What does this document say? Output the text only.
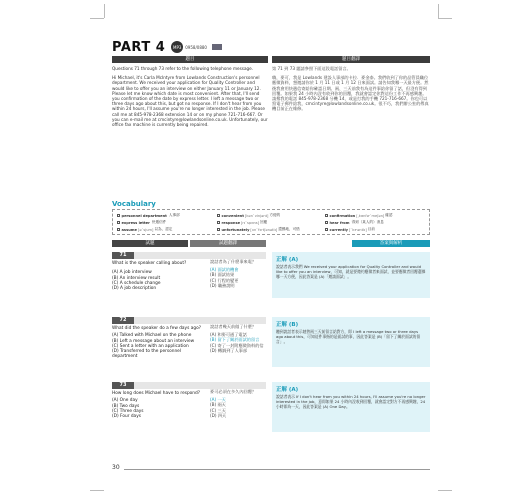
PART 4 MP3 0958/0880
題目	題目翻譯

Questions 71 through 73 refer to the following telephone message.

Hi Michael, it's Carla McIntyre from Lowlands Construction's personnel department. We received your application for Quality Controller and would like to offer you an interview on either January 11 or January 12. Please let me know which date is most convenient. After that, I'll send you confirmation of the date by express letter. I left a message two or three days ago about this, but got no response. If I don't hear from you within 24 hours, I'll assume you're no longer interested in the job. Please call me at 845-978-2368 extension 14 or on my phone 721-716-667. Or you can e-mail me at cmcintyre@lowlandsonline.co.uk. Unfortunately, our office fax machine is currently being repaired.

第 71 到 73 題請參照下面這段電話留言。

嗨，麥可，我是 Lowlands 建設人事部的卡拉．麥金泰。我們收到了你的品管員職位應徵資料，想邀請你於 1 月 11 日或 1 月 12 日來面試。請告知我哪一天最方便。然後我會用快遞信寄給你確認日期。兩、三天前我有為這件事給你留了話，但沒有得到回覆。如果我 24 小時內沒有收到你的回覆，我就會認定你對這份工作不再感興趣。請撥我的電話 845-978-2368 分機 14，或是打我的手機 721-716-667。你也可以寫電子郵件給我，cmcintyre@lowlandsonline.co.uk。很不巧，我們辦公室的傳真機目前正在維修。

Vocabulary
personnel department 人事部	convenient [kən`vinjənt] 方便的	confirmation [,kɑnfɚ`meʃən] 確認
express letter 快遞信件	response [rɪ`spɑns] 回應	hear from 得到（某人的）消息
assume [ə`sjum] 以為，認定	unfortunately [ʌn`fɔrtʃənətlɪ] 遺憾地，可惜	currently [`kɝəntlɪ] 目前
試題	試題翻譯	答案與解析
71
What is the speaker calling about?
(A) A job interview
(B) An interview result
(C) A schedule change
(D) A job description
說話者為了什麼事來電？
(A) 面試的機會
(B) 面試結果
(C) 行程的變更
(D) 職務說明
正解 (A)
說話者表示我們 We received your application for Quality Controller and would like to offer you an interview，可知，就是要邀約應徵者來面試，並要應徵者回覆選擇哪一天方便，因此答案是 (A)「邀請面試」。
72
What did the speaker do a few days ago?
(A) Talked with Michael on the phone
(B) Left a message about an interview
(C) Sent a letter with an application
(D) Transferred to the personnel department
說話者幾天前做了什麼？
(A) 和麥可通了電話
(B) 留下了關於面試的留言
(C) 寄了一封附應徵資料的信
(D) 轉調到了人事部
正解 (B)
聽到說話者表示她曾兩三天前留言給對方，即 I left a message two or three days ago about this，可知這件事指的是面試的事，因此答案是 (B)「留下了關於面試的留言」。
73
How long does Michael have to respond?
(A) One day
(B) Two days
(C) Three days
(D) Four days
麥可必須在多久內回覆？
(A) 一天
(B) 兩天
(C) 三天
(D) 四天
正解 (A)
說話者表示 If I don't hear from you within 24 hours, I'll assume you're no longer interested in the job，意即如果 24 小時內沒收到回覆，就會認定對方不再感興趣，24 小時即為一天，因此答案是 (A) One Day。
30
